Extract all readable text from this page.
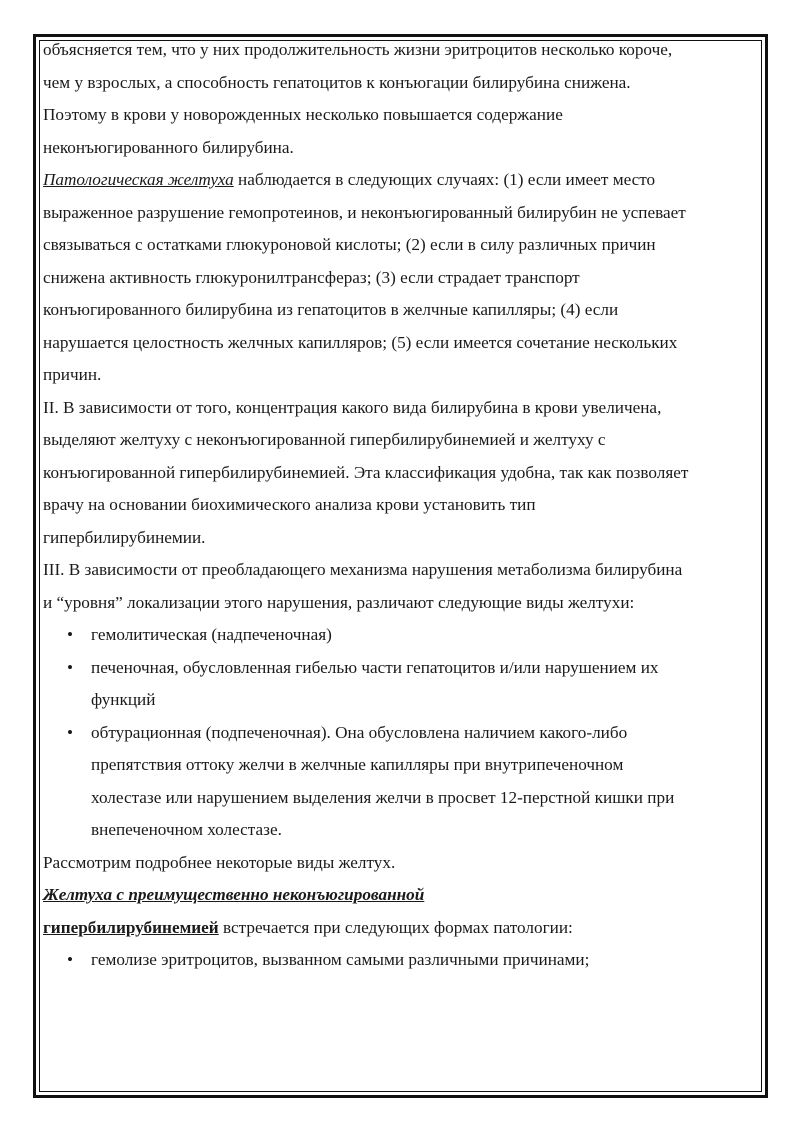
объясняется тем, что у них продолжительность жизни эритроцитов несколько короче, чем у взрослых, а способность гепатоцитов к конъюгации билирубина снижена. Поэтому в крови у новорожденных несколько повышается содержание неконъюгированного билирубина.

Патологическая желтуха наблюдается в следующих случаях: (1) если имеет место выраженное разрушение гемопротеинов, и неконъюгированный билирубин не успевает связываться с остатками глюкуроновой кислоты; (2) если в силу различных причин снижена активность глюкуронилтрансфераз; (3) если страдает транспорт конъюгированного билирубина из гепатоцитов в желчные капилляры; (4) если нарушается целостность желчных капилляров; (5) если имеется сочетание нескольких причин.

II. В зависимости от того, концентрация какого вида билирубина в крови увеличена, выделяют желтуху с неконъюгированной гипербилирубинемией и желтуху с конъюгированной гипербилирубинемией. Эта классификация удобна, так как позволяет врачу на основании биохимического анализа крови установить тип гипербилирубинемии.

III. В зависимости от преобладающего механизма нарушения метаболизма билирубина и “уровня” локализации этого нарушения, различают следующие виды желтухи:

• гемолитическая (надпеченочная)
• печеночная, обусловленная гибелью части гепатоцитов и/или нарушением их функций
• обтурационная (подпеченочная). Она обусловлена наличием какого-либо препятствия оттоку желчи в желчные капилляры при внутрипеченочном холестазе или нарушением выделения желчи в просвет 12-перстной кишки при внепеченочном холестазе.

Рассмотрим подробнее некоторые виды желтух.

Желтуха с преимущественно неконъюгированной
гипербилирубинемией встречается при следующих формах патологии:

• гемолизе эритроцитов, вызванном самыми различными причинами;
